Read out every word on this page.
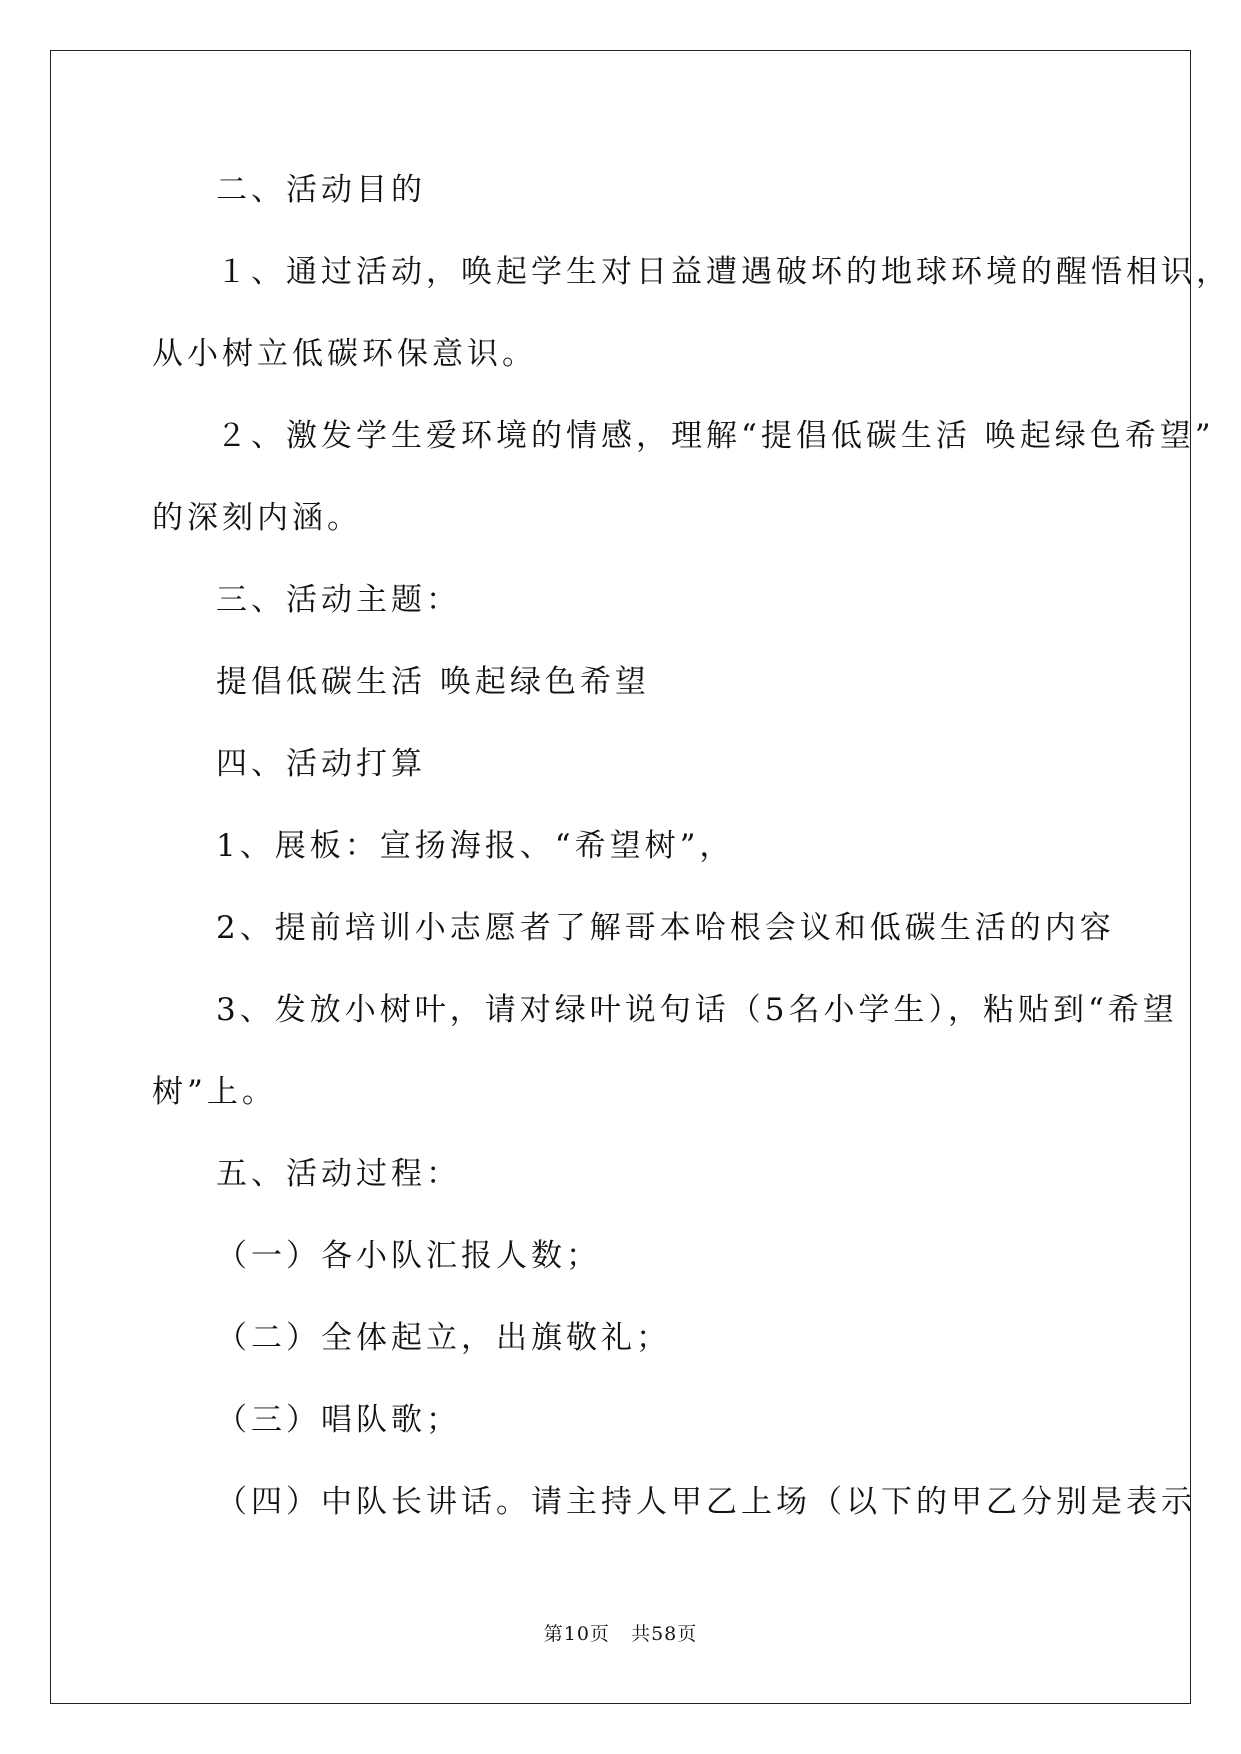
二、活动目的
１、通过活动，唤起学生对日益遭遇破坏的地球环境的醒悟相识，
从小树立低碳环保意识。
２、激发学生爱环境的情感，理解“提倡低碳生活 唤起绿色希望”
的深刻内涵。
三、活动主题：
提倡低碳生活 唤起绿色希望
四、活动打算
1、展板：宣扬海报、“希望树”，
2、提前培训小志愿者了解哥本哈根会议和低碳生活的内容
3、发放小树叶，请对绿叶说句话（5名小学生），粘贴到“希望
树”上。
五、活动过程：
（一）各小队汇报人数；
（二）全体起立，出旗敬礼；
（三）唱队歌；
（四）中队长讲话。请主持人甲乙上场（以下的甲乙分别是表示
第10页 共58页
